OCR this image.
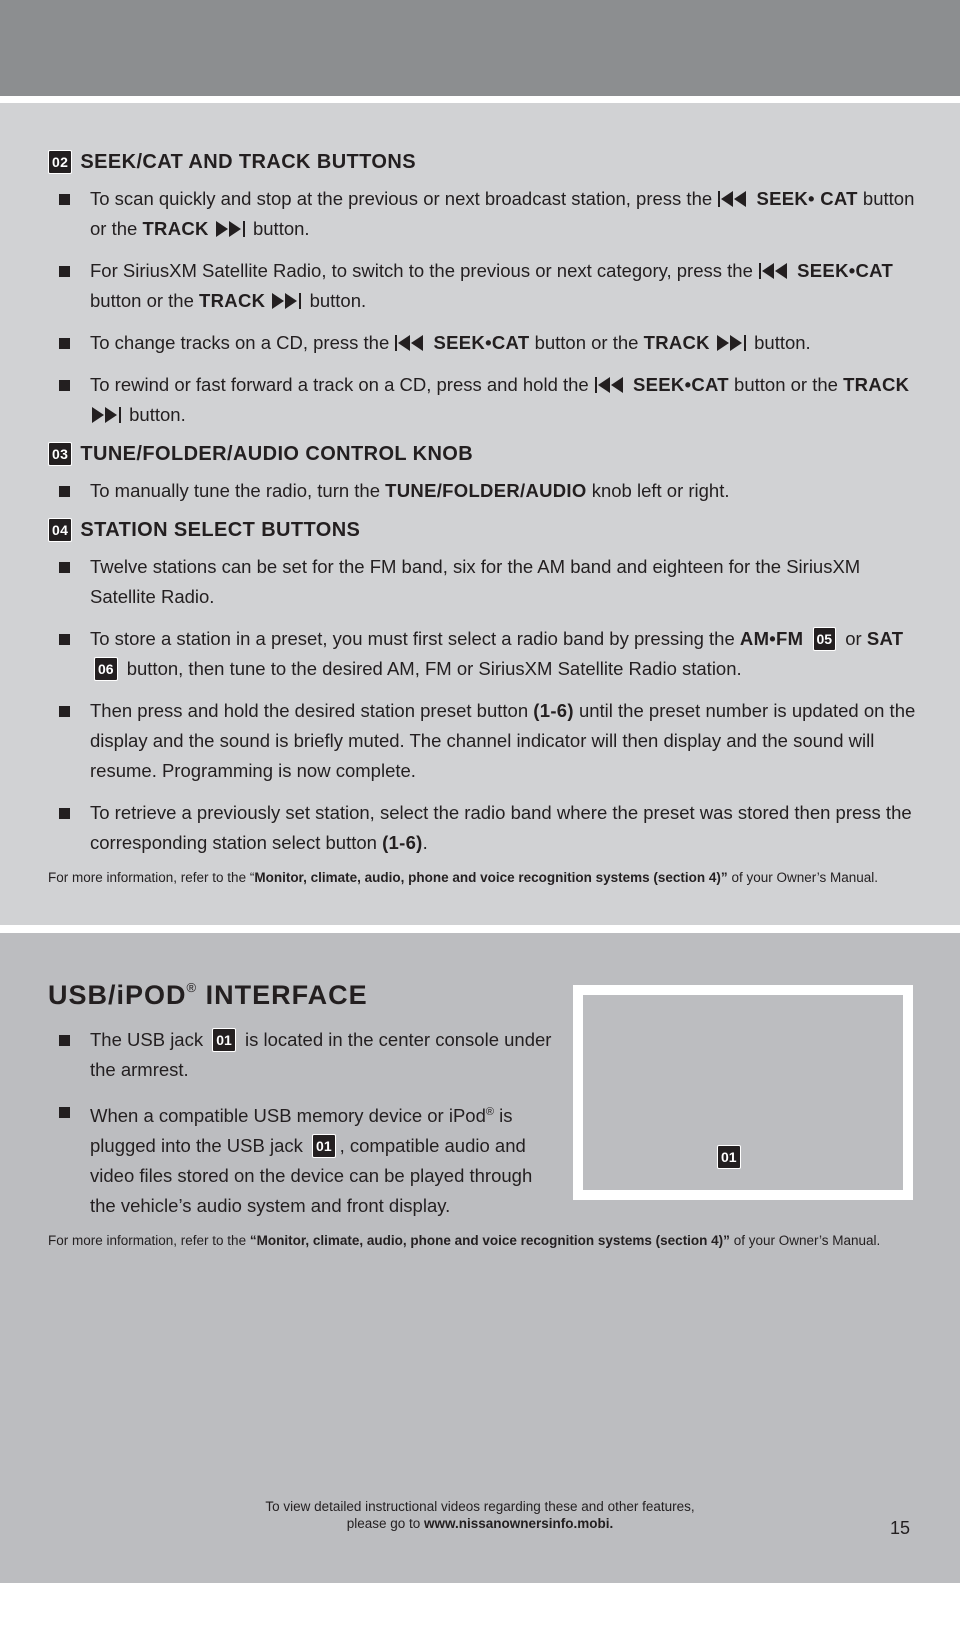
02 SEEK/CAT AND TRACK BUTTONS
To scan quickly and stop at the previous or next broadcast station, press the SEEK• CAT button or the TRACK button.
For SiriusXM Satellite Radio, to switch to the previous or next category, press the SEEK•CAT button or the TRACK button.
To change tracks on a CD, press the SEEK•CAT button or the TRACK button.
To rewind or fast forward a track on a CD, press and hold the SEEK•CAT button or the TRACK  button.
03 TUNE/FOLDER/AUDIO CONTROL KNOB
To manually tune the radio, turn the TUNE/FOLDER/AUDIO knob left or right.
04 STATION SELECT BUTTONS
Twelve stations can be set for the FM band, six for the AM band and eighteen for the SiriusXM Satellite Radio.
To store a station in a preset, you must first select a radio band by pressing the AM•FM 05 or SAT 06 button, then tune to the desired AM, FM or SiriusXM Satellite Radio station.
Then press and hold the desired station preset button (1-6) until the preset number is updated on the display and the sound is briefly muted. The channel indicator will then display and the sound will resume. Programming is now complete.
To retrieve a previously set station, select the radio band where the preset was stored then press the corresponding station select button (1-6).

For more information, refer to the “Monitor, climate, audio, phone and voice recognition systems (section 4)” of your Owner’s Manual.

USB/iPOD® INTERFACE
The USB jack 01 is located in the center console under the armrest.
When a compatible USB memory device or iPod® is plugged into the USB jack 01 , compatible audio and video files stored on the device can be played through the vehicle’s audio system and front display.

For more information, refer to the “Monitor, climate, audio, phone and voice recognition systems (section 4)” of your Owner’s Manual.

01
To view detailed instructional videos regarding these and other features,
please go to www.nissanownersinfo.mobi.	15
